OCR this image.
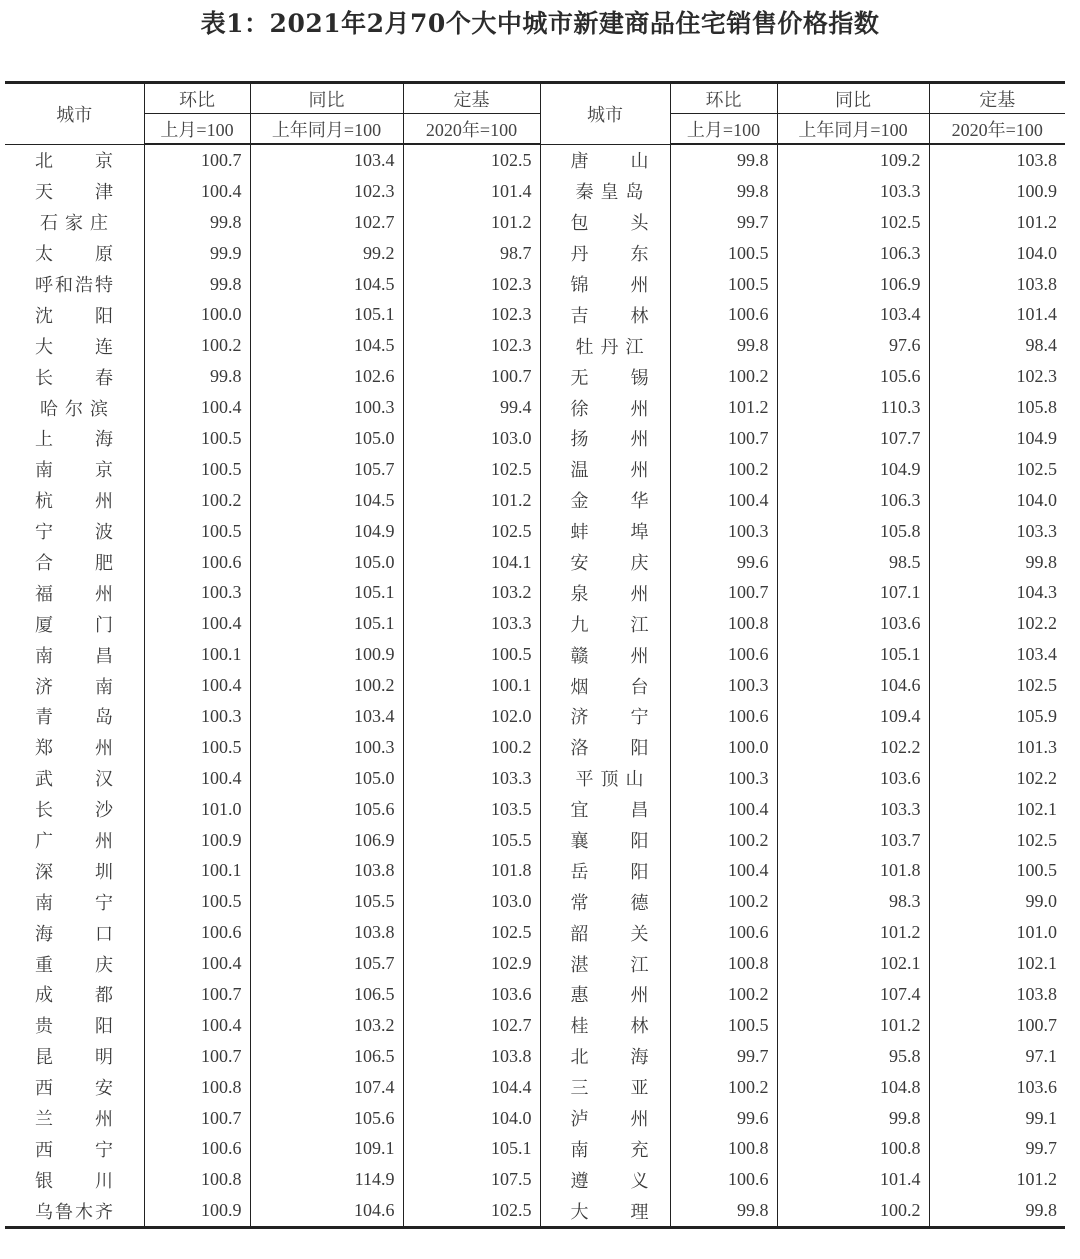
表1：2021年2月70个大中城市新建商品住宅销售价格指数
城市	环比	同比	定基	城市	环比	同比	定基
	上月=100	上年同月=100	2020年=100		上月=100	上年同月=100	2020年=100
北京	100.7	103.4	102.5	唐山	99.8	109.2	103.8
天津	100.4	102.3	101.4	秦皇岛	99.8	103.3	100.9
石家庄	99.8	102.7	101.2	包头	99.7	102.5	101.2
太原	99.9	99.2	98.7	丹东	100.5	106.3	104.0
呼和浩特	99.8	104.5	102.3	锦州	100.5	106.9	103.8
沈阳	100.0	105.1	102.3	吉林	100.6	103.4	101.4
大连	100.2	104.5	102.3	牡丹江	99.8	97.6	98.4
长春	99.8	102.6	100.7	无锡	100.2	105.6	102.3
哈尔滨	100.4	100.3	99.4	徐州	101.2	110.3	105.8
上海	100.5	105.0	103.0	扬州	100.7	107.7	104.9
南京	100.5	105.7	102.5	温州	100.2	104.9	102.5
杭州	100.2	104.5	101.2	金华	100.4	106.3	104.0
宁波	100.5	104.9	102.5	蚌埠	100.3	105.8	103.3
合肥	100.6	105.0	104.1	安庆	99.6	98.5	99.8
福州	100.3	105.1	103.2	泉州	100.7	107.1	104.3
厦门	100.4	105.1	103.3	九江	100.8	103.6	102.2
南昌	100.1	100.9	100.5	赣州	100.6	105.1	103.4
济南	100.4	100.2	100.1	烟台	100.3	104.6	102.5
青岛	100.3	103.4	102.0	济宁	100.6	109.4	105.9
郑州	100.5	100.3	100.2	洛阳	100.0	102.2	101.3
武汉	100.4	105.0	103.3	平顶山	100.3	103.6	102.2
长沙	101.0	105.6	103.5	宜昌	100.4	103.3	102.1
广州	100.9	106.9	105.5	襄阳	100.2	103.7	102.5
深圳	100.1	103.8	101.8	岳阳	100.4	101.8	100.5
南宁	100.5	105.5	103.0	常德	100.2	98.3	99.0
海口	100.6	103.8	102.5	韶关	100.6	101.2	101.0
重庆	100.4	105.7	102.9	湛江	100.8	102.1	102.1
成都	100.7	106.5	103.6	惠州	100.2	107.4	103.8
贵阳	100.4	103.2	102.7	桂林	100.5	101.2	100.7
昆明	100.7	106.5	103.8	北海	99.7	95.8	97.1
西安	100.8	107.4	104.4	三亚	100.2	104.8	103.6
兰州	100.7	105.6	104.0	泸州	99.6	99.8	99.1
西宁	100.6	109.1	105.1	南充	100.8	100.8	99.7
银川	100.8	114.9	107.5	遵义	100.6	101.4	101.2
乌鲁木齐	100.9	104.6	102.5	大理	99.8	100.2	99.8
